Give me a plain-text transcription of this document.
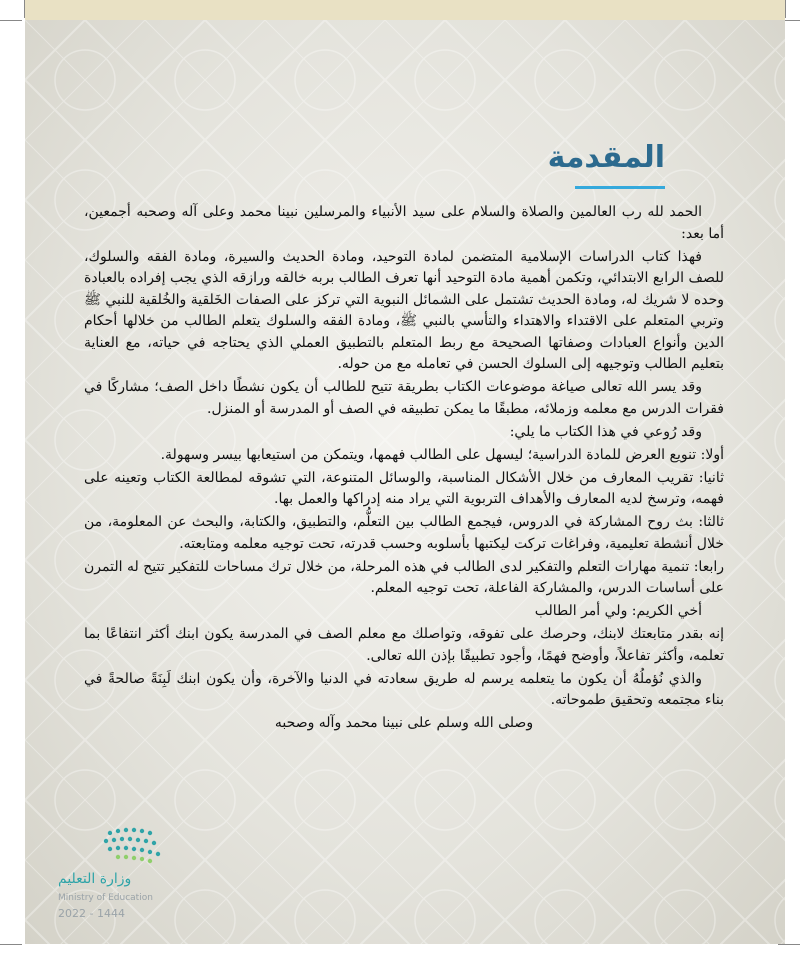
المقدمة

الحمد لله رب العالمين والصلاة والسلام على سيد الأنبياء والمرسلين نبينا محمد وعلى آله وصحبه أجمعين، أما بعد:

فهذا كتاب الدراسات الإسلامية المتضمن لمادة التوحيد، ومادة الحديث والسيرة، ومادة الفقه والسلوك، للصف الرابع الابتدائي، وتكمن أهمية مادة التوحيد أنها تعرف الطالب بربه خالقه ورازقه الذي يجب إفراده بالعبادة وحده لا شريك له، ومادة الحديث تشتمل على الشمائل النبوية التي تركز على الصفات الخَلقية والخُلقية للنبي ﷺ وتربي المتعلم على الاقتداء والاهتداء والتأسي بالنبي ﷺ، ومادة الفقه والسلوك يتعلم الطالب من خلالها أحكام الدين وأنواع العبادات وصفاتها الصحيحة مع ربط المتعلم بالتطبيق العملي الذي يحتاجه في حياته، مع العناية بتعليم الطالب وتوجيهه إلى السلوك الحسن في تعامله مع من حوله.

وقد يسر الله تعالى صياغة موضوعات الكتاب بطريقة تتيح للطالب أن يكون نشطًا داخل الصف؛ مشاركًا في فقرات الدرس مع معلمه وزملائه، مطبقًا ما يمكن تطبيقه في الصف أو المدرسة أو المنزل.

وقد رُوعي في هذا الكتاب ما يلي:

أولا: تنويع العرض للمادة الدراسية؛ ليسهل على الطالب فهمها، ويتمكن من استيعابها بيسر وسهولة.

ثانيا: تقريب المعارف من خلال الأشكال المناسبة، والوسائل المتنوعة، التي تشوقه لمطالعة الكتاب وتعينه على فهمه، وترسخ لديه المعارف والأهداف التربوية التي يراد منه إدراكها والعمل بها.

ثالثا: بث روح المشاركة في الدروس، فيجمع الطالب بين التعلُّم، والتطبيق، والكتابة، والبحث عن المعلومة، من خلال أنشطة تعليمية، وفراغات تركت ليكتبها بأسلوبه وحسب قدرته، تحت توجيه معلمه ومتابعته.

رابعا: تنمية مهارات التعلم والتفكير لدى الطالب في هذه المرحلة، من خلال ترك مساحات للتفكير تتيح له التمرن على أساسات الدرس، والمشاركة الفاعلة، تحت توجيه المعلم.

أخي الكريم: ولي أمر الطالب

إنه بقدر متابعتك لابنك، وحرصك على تفوقه، وتواصلك مع معلم الصف في المدرسة يكون ابنك أكثر انتفاعًا بما تعلمه، وأكثر تفاعلاً، وأوضح فهمًا، وأجود تطبيقًا بإذن الله تعالى.

والذي نُؤملُهُ أن يكون ما يتعلمه يرسم له طريق سعادته في الدنيا والآخرة، وأن يكون ابنك لَبِنَةً صالحةً في بناء مجتمعه وتحقيق طموحاته.

وصلى الله وسلم على نبينا محمد وآله وصحبه

وزارة التعليم
Ministry of Education
2022 - 1444
